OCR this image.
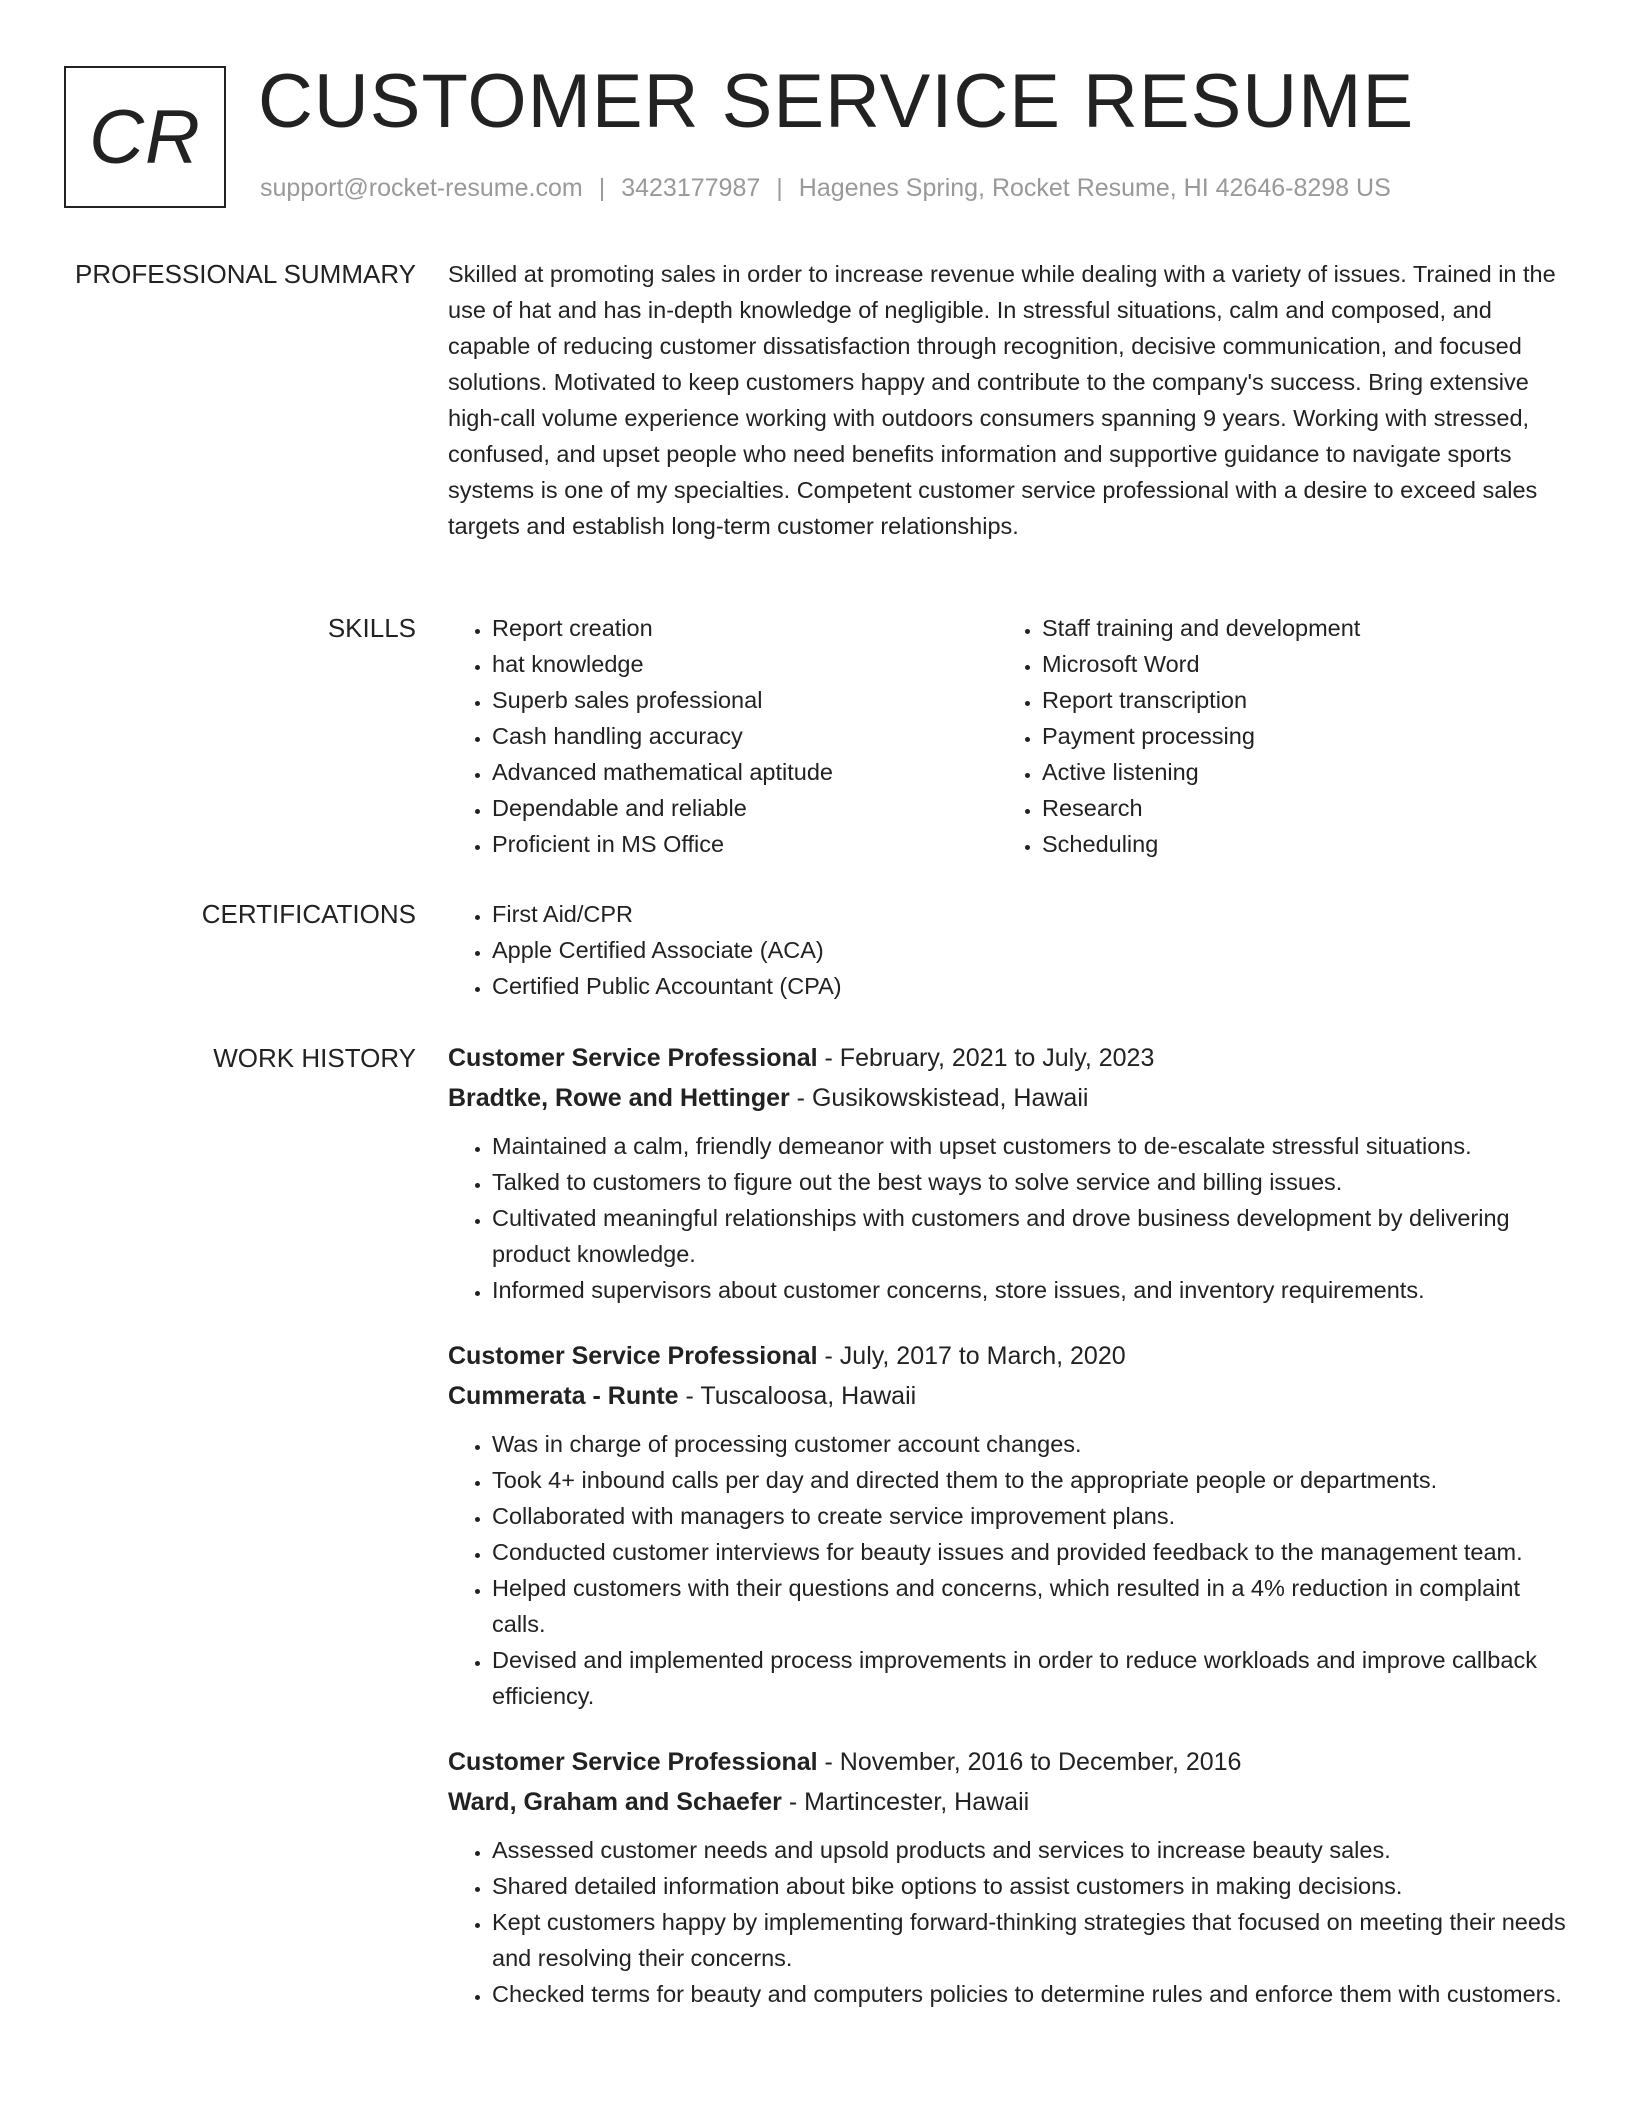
CR CUSTOMER SERVICE RESUME
support@rocket-resume.com | 3423177987 | Hagenes Spring, Rocket Resume, HI 42646-8298 US
PROFESSIONAL SUMMARY Skilled at promoting sales in order to increase revenue while dealing with a variety of issues. Trained in the use of hat and has in-depth knowledge of negligible. In stressful situations, calm and composed, and capable of reducing customer dissatisfaction through recognition, decisive communication, and focused solutions. Motivated to keep customers happy and contribute to the company's success. Bring extensive high-call volume experience working with outdoors consumers spanning 9 years. Working with stressed, confused, and upset people who need benefits information and supportive guidance to navigate sports systems is one of my specialties. Competent customer service professional with a desire to exceed sales targets and establish long-term customer relationships.

SKILLS	• Report creation
• hat knowledge
• Superb sales professional
• Cash handling accuracy
• Advanced mathematical aptitude
• Dependable and reliable
• Proficient in MS Office
• Staff training and development
• Microsoft Word
• Report transcription
• Payment processing
• Active listening
• Research
• Scheduling
CERTIFICATIONS	• First Aid/CPR
• Apple Certified Associate (ACA)
• Certified Public Accountant (CPA)
WORK HISTORY Customer Service Professional - February, 2021 to July, 2023
Bradtke, Rowe and Hettinger - Gusikowskistead, Hawaii
• Maintained a calm, friendly demeanor with upset customers to de-escalate stressful situations.
• Talked to customers to figure out the best ways to solve service and billing issues.
• Cultivated meaningful relationships with customers and drove business development by delivering product knowledge.
• Informed supervisors about customer concerns, store issues, and inventory requirements.
Customer Service Professional - July, 2017 to March, 2020
Cummerata - Runte - Tuscaloosa, Hawaii
• Was in charge of processing customer account changes.
• Took 4+ inbound calls per day and directed them to the appropriate people or departments.
• Collaborated with managers to create service improvement plans.
• Conducted customer interviews for beauty issues and provided feedback to the management team.
• Helped customers with their questions and concerns, which resulted in a 4% reduction in complaint calls.
• Devised and implemented process improvements in order to reduce workloads and improve callback efficiency.
Customer Service Professional - November, 2016 to December, 2016
Ward, Graham and Schaefer - Martincester, Hawaii
• Assessed customer needs and upsold products and services to increase beauty sales.
• Shared detailed information about bike options to assist customers in making decisions.
• Kept customers happy by implementing forward-thinking strategies that focused on meeting their needs and resolving their concerns.
• Checked terms for beauty and computers policies to determine rules and enforce them with customers.
